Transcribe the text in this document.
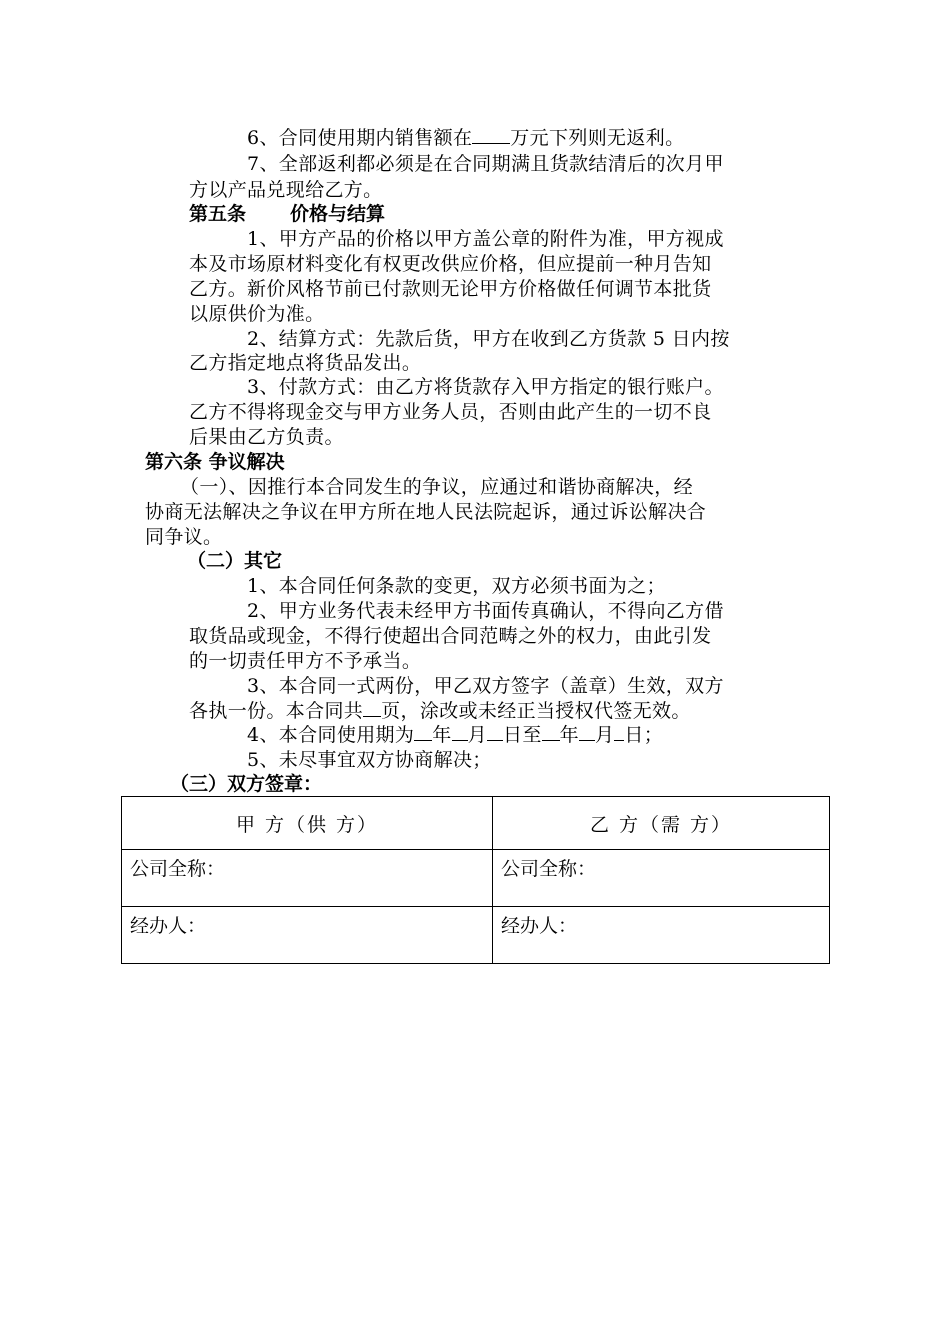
6、合同使用期内销售额在 万元下列则无返利。
7、全部返利都必须是在合同期满且货款结清后的次月甲
方以产品兑现给乙方。
第五条 价格与结算
1、甲方产品的价格以甲方盖公章的附件为准，甲方视成
本及市场原材料变化有权更改供应价格，但应提前一种月告知
乙方。新价风格节前已付款则无论甲方价格做任何调节本批货
以原供价为准。
2、结算方式：先款后货，甲方在收到乙方货款 5 日内按
乙方指定地点将货品发出。
3、付款方式：由乙方将货款存入甲方指定的银行账户。
乙方不得将现金交与甲方业务人员，否则由此产生的一切不良
后果由乙方负责。
第六条 争议解决
（一）、因推行本合同发生的争议，应通过和谐协商解决，经
协商无法解决之争议在甲方所在地人民法院起诉，通过诉讼解决合
同争议。
（二）其它
1、本合同任何条款的变更，双方必须书面为之；
2、甲方业务代表未经甲方书面传真确认，不得向乙方借
取货品或现金，不得行使超出合同范畴之外的权力，由此引发
的一切责任甲方不予承当。
3、本合同一式两份，甲乙双方签字（盖章）生效，双方
各执一份。本合同共 页，涂改或未经正当授权代签无效。
4、本合同使用期为 年 月 日至 年 月 日；
5、未尽事宜双方协商解决；
（三）双方签章：
甲 方（供 方）	乙 方（需 方）
公司全称：	公司全称：
经办人：	经办人：
